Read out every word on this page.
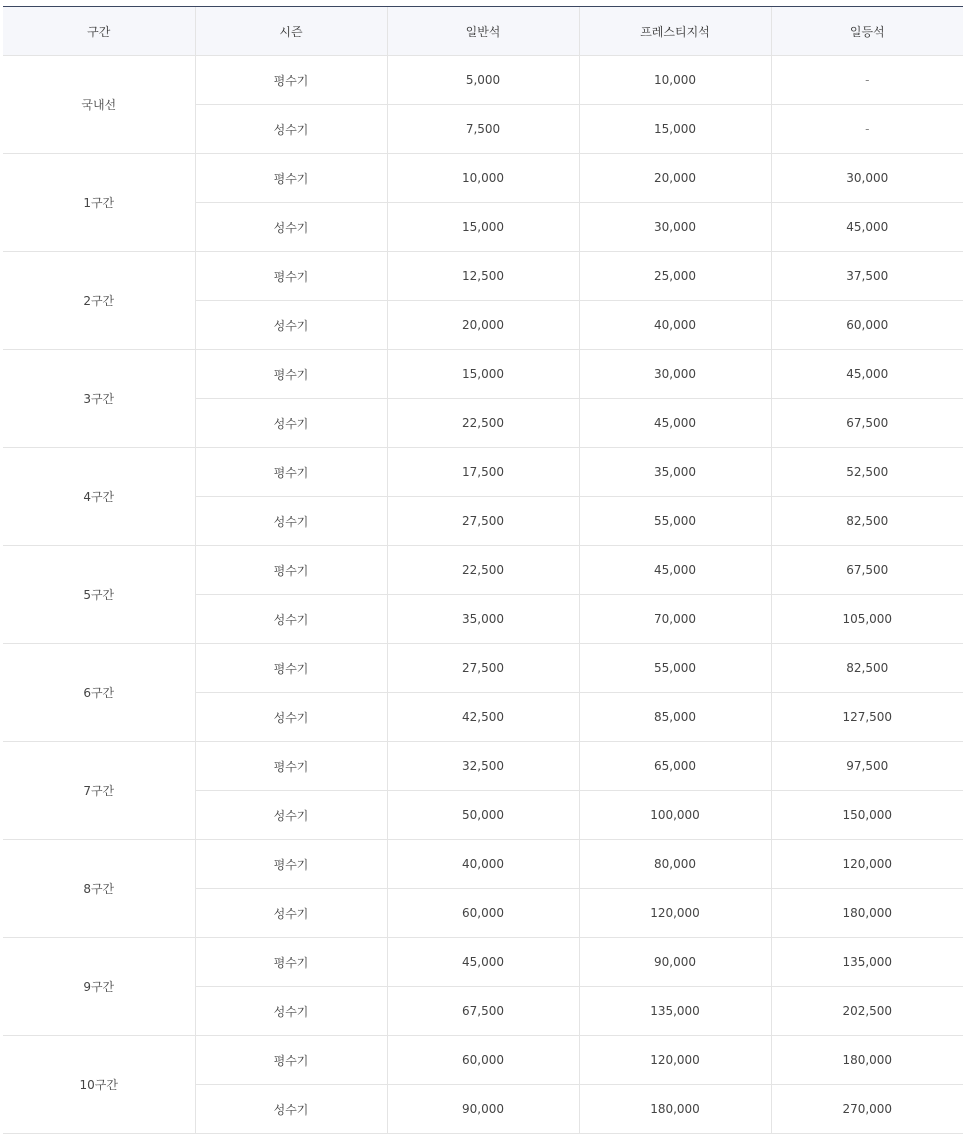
구간	시즌	일반석	프레스티지석	일등석
국내선	평수기	5,000	10,000	-
	성수기	7,500	15,000	-
1구간	평수기	10,000	20,000	30,000
	성수기	15,000	30,000	45,000
2구간	평수기	12,500	25,000	37,500
	성수기	20,000	40,000	60,000
3구간	평수기	15,000	30,000	45,000
	성수기	22,500	45,000	67,500
4구간	평수기	17,500	35,000	52,500
	성수기	27,500	55,000	82,500
5구간	평수기	22,500	45,000	67,500
	성수기	35,000	70,000	105,000
6구간	평수기	27,500	55,000	82,500
	성수기	42,500	85,000	127,500
7구간	평수기	32,500	65,000	97,500
	성수기	50,000	100,000	150,000
8구간	평수기	40,000	80,000	120,000
	성수기	60,000	120,000	180,000
9구간	평수기	45,000	90,000	135,000
	성수기	67,500	135,000	202,500
10구간	평수기	60,000	120,000	180,000
	성수기	90,000	180,000	270,000
